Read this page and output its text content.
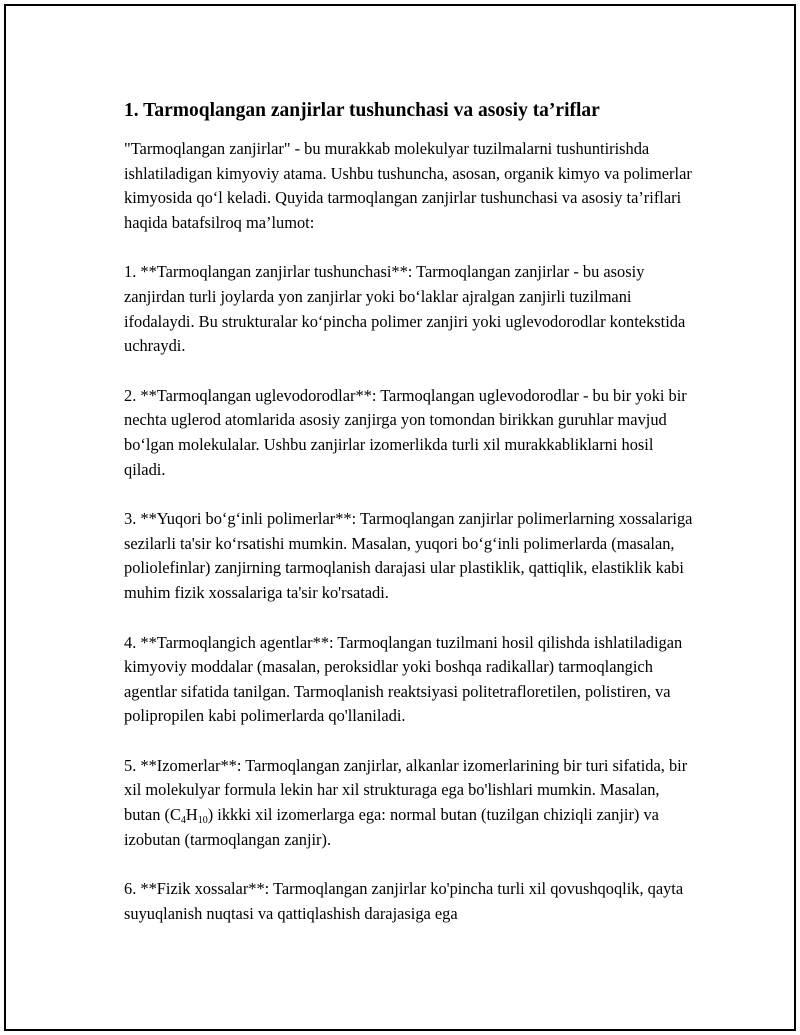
1. Tarmoqlangan zanjirlar tushunchasi va asosiy ta’riflar

"Tarmoqlangan zanjirlar" - bu murakkab molekulyar tuzilmalarni tushuntirishda ishlatiladigan kimyoviy atama. Ushbu tushuncha, asosan, organik kimyo va polimerlar kimyosida qo‘l keladi. Quyida tarmoqlangan zanjirlar tushunchasi va asosiy ta’riflari haqida batafsilroq ma’lumot:

1. **Tarmoqlangan zanjirlar tushunchasi**: Tarmoqlangan zanjirlar - bu asosiy zanjirdan turli joylarda yon zanjirlar yoki bo‘laklar ajralgan zanjirli tuzilmani ifodalaydi. Bu strukturalar ko‘pincha polimer zanjiri yoki uglevodorodlar kontekstida uchraydi.

2. **Tarmoqlangan uglevodorodlar**: Tarmoqlangan uglevodorodlar - bu bir yoki bir nechta uglerod atomlarida asosiy zanjirga yon tomondan birikkan guruhlar mavjud bo‘lgan molekulalar. Ushbu zanjirlar izomerlikda turli xil murakkabliklarni hosil qiladi.

3. **Yuqori bo‘g‘inli polimerlar**: Tarmoqlangan zanjirlar polimerlarning xossalariga sezilarli ta'sir ko‘rsatishi mumkin. Masalan, yuqori bo‘g‘inli polimerlarda (masalan, poliolefinlar) zanjirning tarmoqlanish darajasi ular plastiklik, qattiqlik, elastiklik kabi muhim fizik xossalariga ta'sir ko'rsatadi.

4. **Tarmoqlangich agentlar**: Tarmoqlangan tuzilmani hosil qilishda ishlatiladigan kimyoviy moddalar (masalan, peroksidlar yoki boshqa radikallar) tarmoqlangich agentlar sifatida tanilgan. Tarmoqlanish reaktsiyasi politetrafloretilen, polistiren, va polipropilen kabi polimerlarda qo'llaniladi.

5. **Izomerlar**: Tarmoqlangan zanjirlar, alkanlar izomerlarining bir turi sifatida, bir xil molekulyar formula lekin har xil strukturaga ega bo'lishlari mumkin. Masalan, butan $(C_4H_{10})$ ikkki xil izomerlarga ega: normal butan (tuzilgan chiziqli zanjir) va izobutan (tarmoqlangan zanjir).

6. **Fizik xossalar**: Tarmoqlangan zanjirlar ko'pincha turli xil qovushqoqlik, qayta suyuqlanish nuqtasi va qattiqlashish darajasiga ega
